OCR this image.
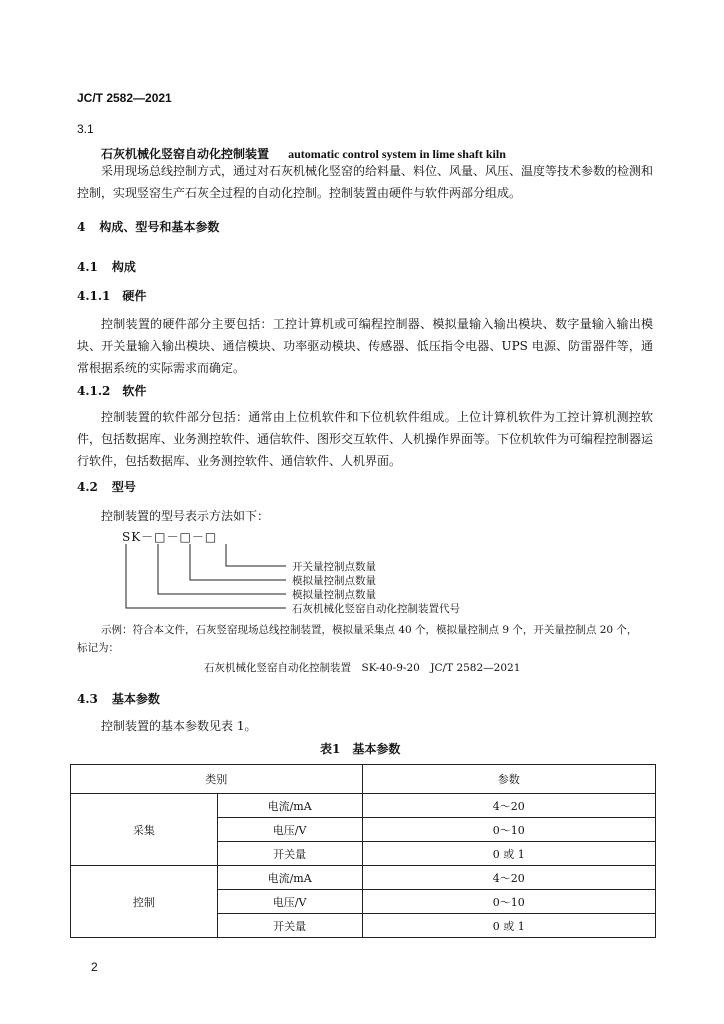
JC/T 2582—2021
3.1
石灰机械化竖窑自动化控制装置 automatic control system in lime shaft kiln
采用现场总线控制方式，通过对石灰机械化竖窑的给料量、料位、风量、风压、温度等技术参数的检测和控制，实现竖窑生产石灰全过程的自动化控制。控制装置由硬件与软件两部分组成。
4 构成、型号和基本参数
4.1 构成
4.1.1 硬件
控制装置的硬件部分主要包括：工控计算机或可编程控制器、模拟量输入输出模块、数字量输入输出模块、开关量输入输出模块、通信模块、功率驱动模块、传感器、低压指令电器、UPS 电源、防雷器件等，通常根据系统的实际需求而确定。
4.1.2 软件
控制装置的软件部分包括：通常由上位机软件和下位机软件组成。上位计算机软件为工控计算机测控软件，包括数据库、业务测控软件、通信软件、图形交互软件、人机操作界面等。下位机软件为可编程控制器运行软件，包括数据库、业务测控软件、通信软件、人机界面。
4.2 型号
控制装置的型号表示方法如下：
SK－□－□－□
开关量控制点数量
模拟量控制点数量
模拟量控制点数量
石灰机械化竖窑自动化控制装置代号
示例：符合本文件，石灰竖窑现场总线控制装置，模拟量采集点 40 个，模拟量控制点 9 个，开关量控制点 20 个，
标记为：
石灰机械化竖窑自动化控制装置　SK-40-9-20　JC/T 2582—2021
4.3 基本参数
控制装置的基本参数见表 1。
表1　基本参数
类别		参数
采集	电流/mA	4～20
	电压/V	0～10
	开关量	0 或 1
控制	电流/mA	4～20
	电压/V	0～10
	开关量	0 或 1
2
